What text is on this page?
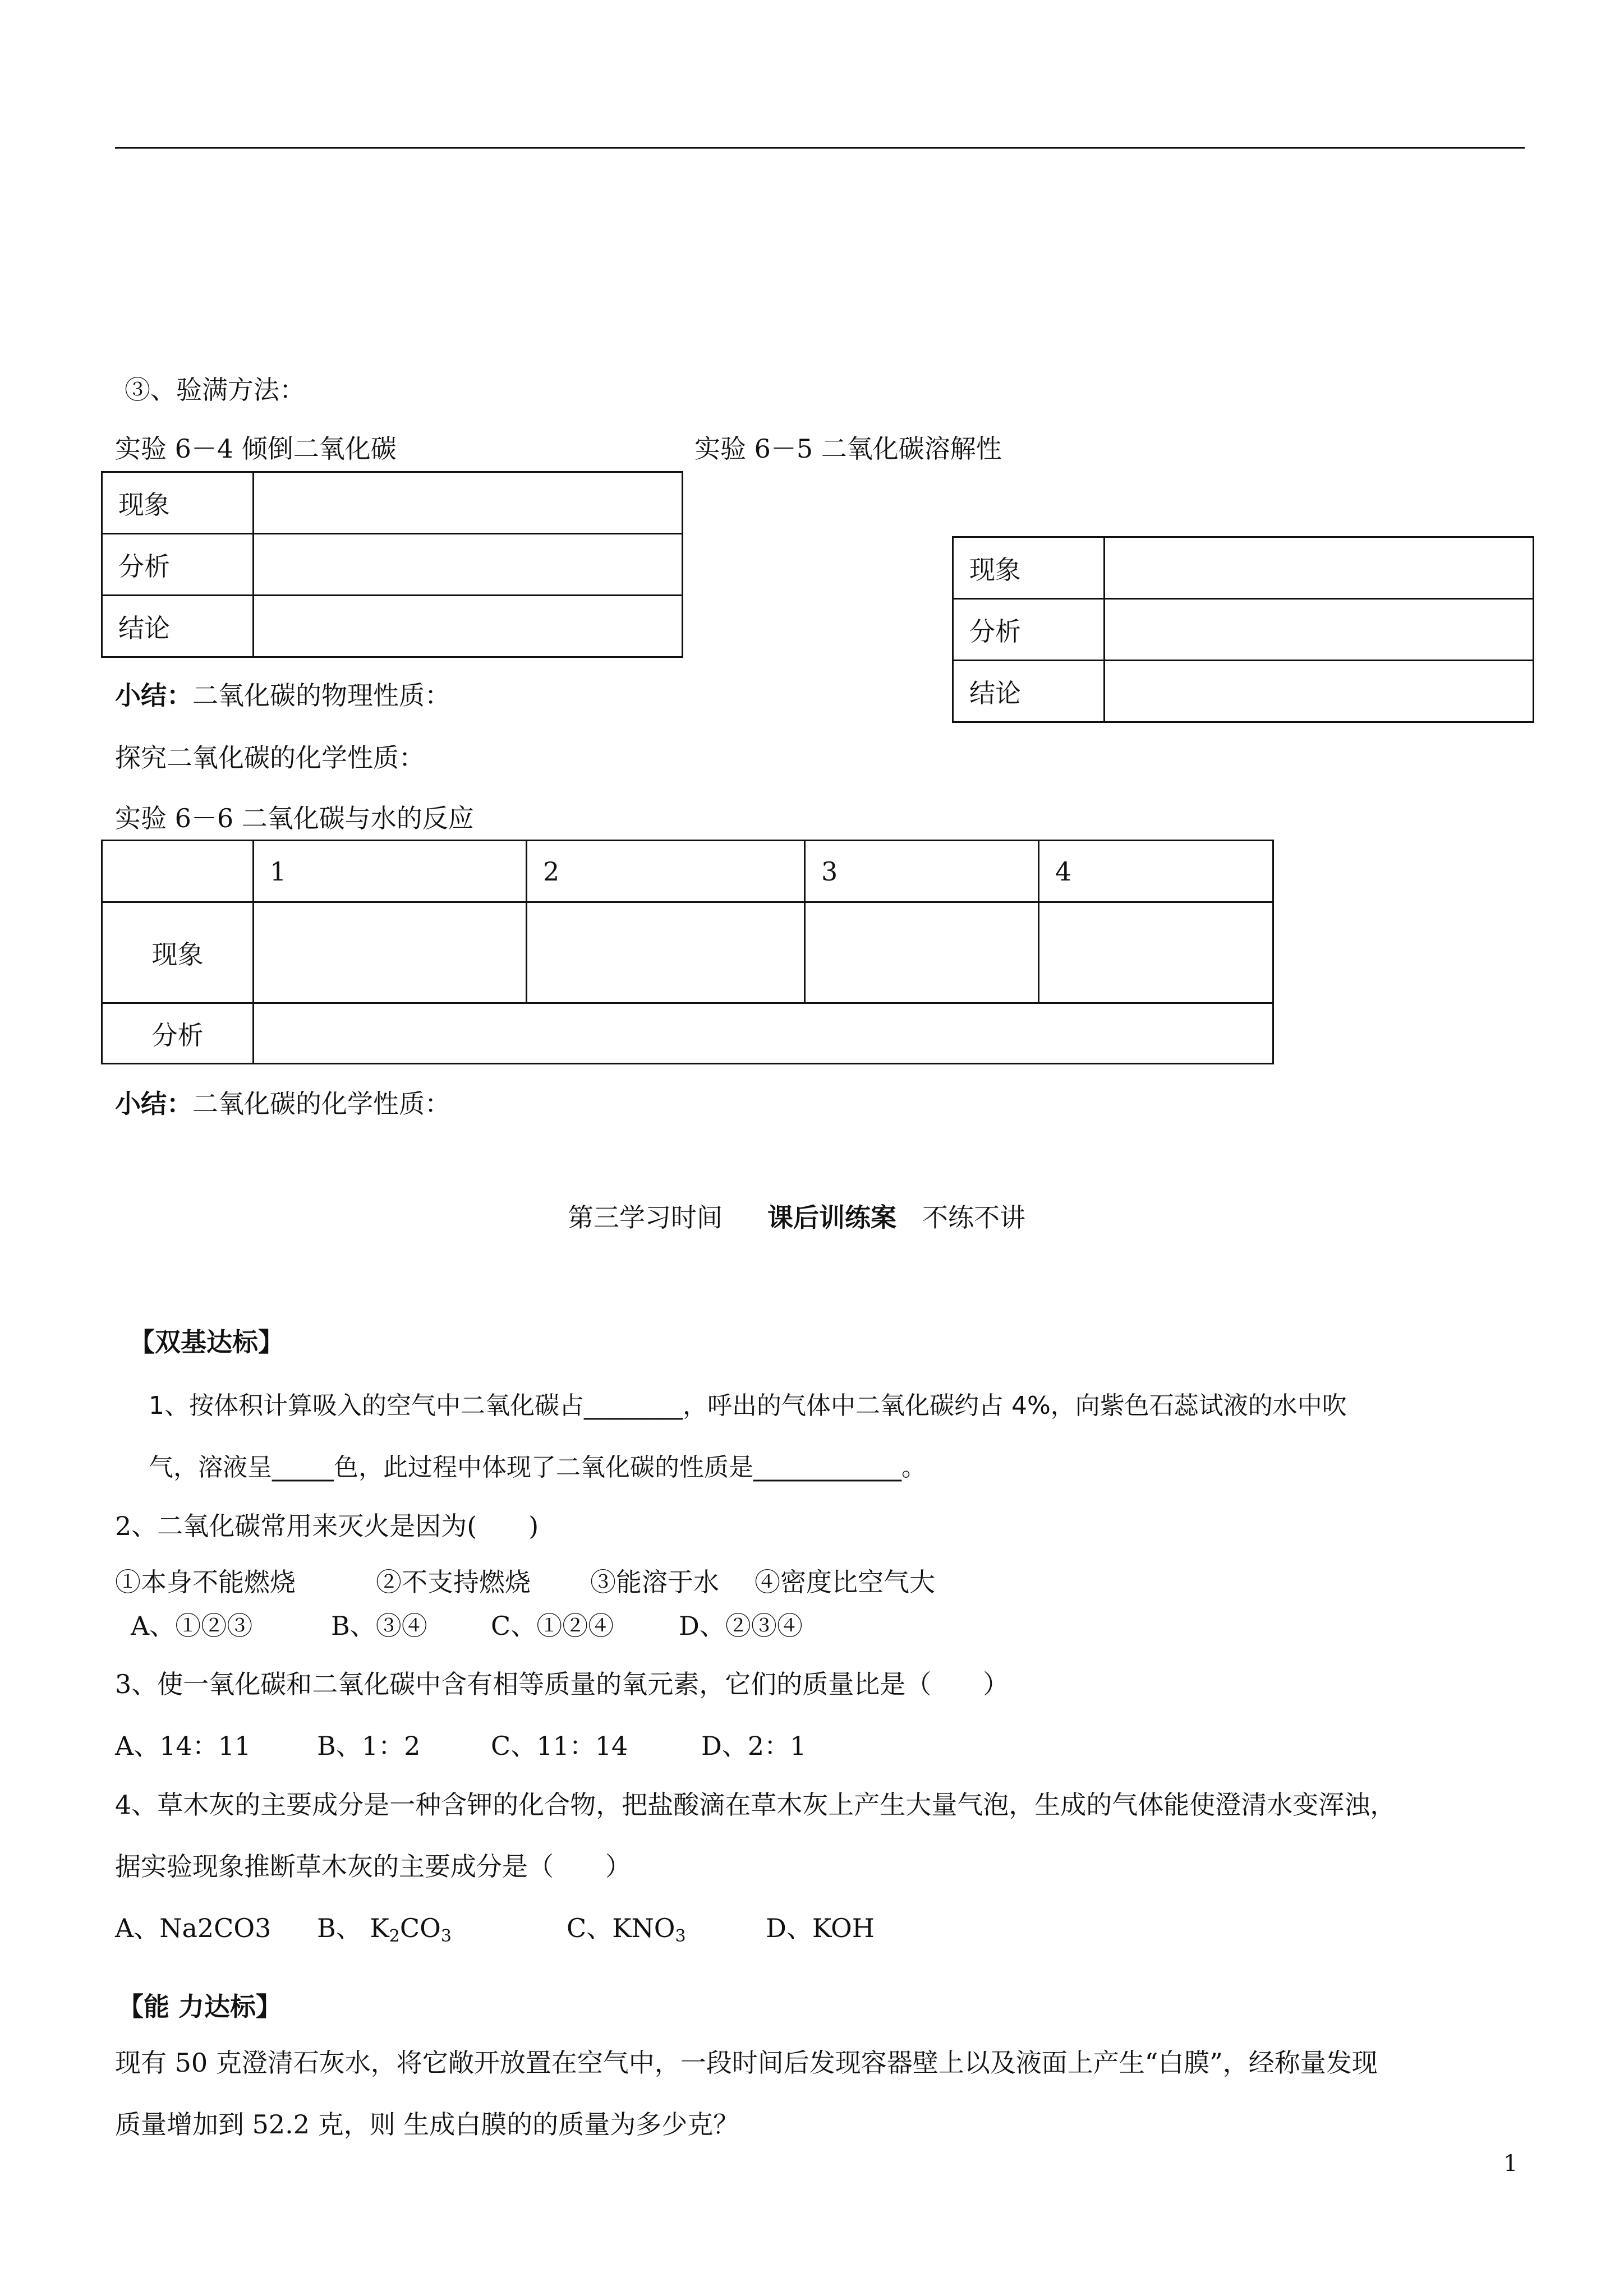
③、验满方法：
实验 6－4 倾倒二氧化碳
现象	
分析	
结论	
实验 6－5 二氧化碳溶解性
现象	
分析	
结论	
小结：二氧化碳的物理性质：
探究二氧化碳的化学性质：
实验 6－6 二氧化碳与水的反应
	1	2	3	4
现象				
分析				
小结：二氧化碳的化学性质：
第三学习时间 课后训练案 不练不讲
【双基达标】
1、按体积计算吸入的空气中二氧化碳占________，呼出的气体中二氧化碳约占 4%，向紫色石蕊试液的水中吹
气，溶液呈_____色，此过程中体现了二氧化碳的性质是____________。
2、二氧化碳常用来灭火是因为(　　)
①本身不能燃烧	②不支持燃烧 ③能溶于水 ④密度比空气大
A、①②③	B、③④ C、①②④	D、②③④
3、使一氧化碳和二氧化碳中含有相等质量的氧元素，它们的质量比是（　　）
A、14：11	B、1：2	C、11：14	D、2：1
4、草木灰的主要成分是一种含钾的化合物，把盐酸滴在草木灰上产生大量气泡，生成的气体能使澄清水变浑浊，
据实验现象推断草木灰的主要成分是（　　）
A、Na2CO3 B、 $K_2CO_3$	C、$KNO_3$	D、KOH
【能 力达标】
现有 50 克澄清石灰水，将它敞开放置在空气中，一段时间后发现容器壁上以及液面上产生“白膜”，经称量发现
质量增加到 52.2 克，则 生成白膜的的质量为多少克？
1
